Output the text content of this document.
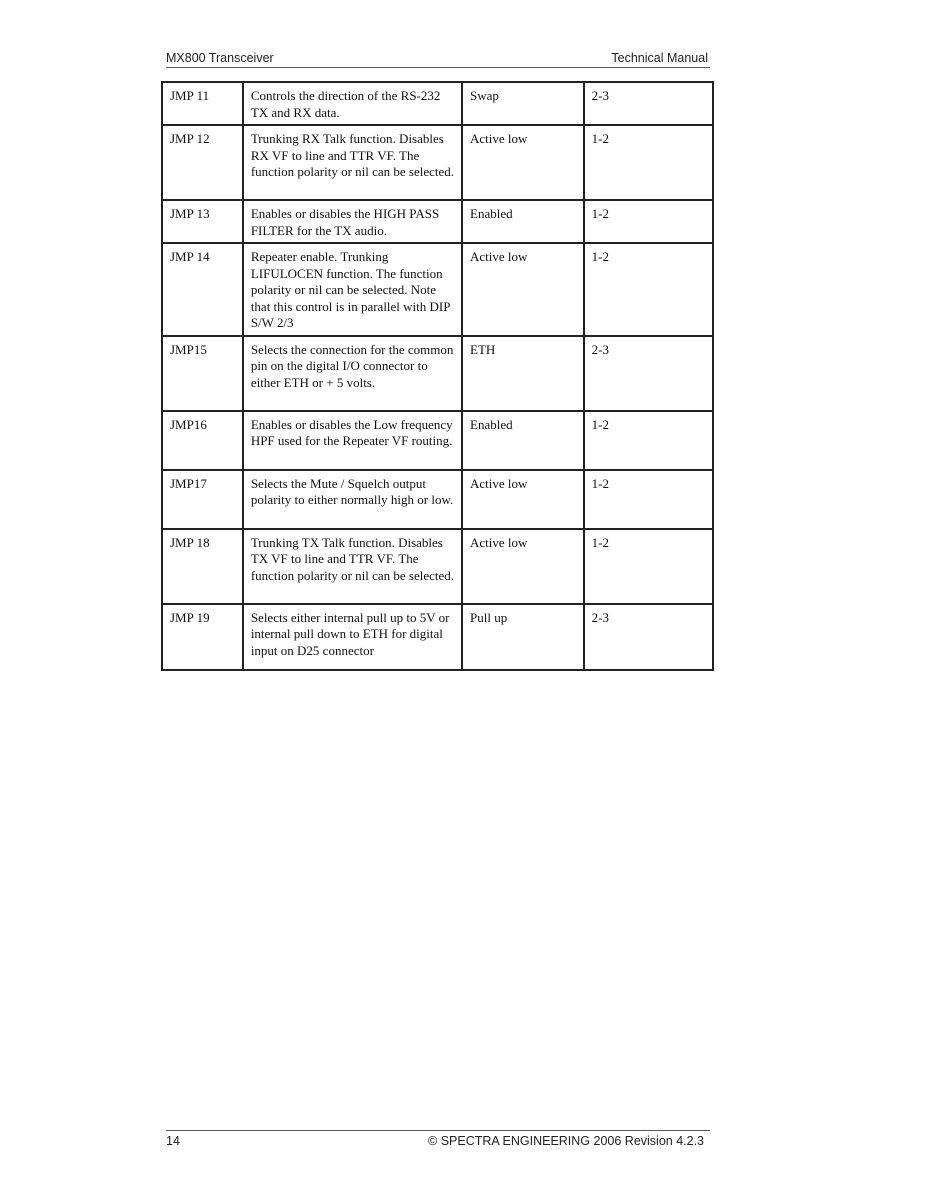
MX800 Transceiver	Technical Manual
JMP 11	Controls the direction of the RS-232 TX and RX data.	Swap	2-3
JMP 12	Trunking RX Talk function. Disables RX VF to line and TTR VF. The function polarity or nil can be selected.	Active low	1-2
JMP 13	Enables or disables the HIGH PASS FILTER for the TX audio.	Enabled	1-2
JMP 14	Repeater enable. Trunking LIFULOCEN function. The function polarity or nil can be selected. Note that this control is in parallel with DIP S/W 2/3	Active low	1-2
JMP15	Selects the connection for the common pin on the digital I/O connector to either ETH or + 5 volts.	ETH	2-3
JMP16	Enables or disables the Low frequency HPF used for the Repeater VF routing.	Enabled	1-2
JMP17	Selects the Mute / Squelch output polarity to either normally high or low.	Active low	1-2
JMP 18	Trunking TX Talk function. Disables TX VF to line and TTR VF. The function polarity or nil can be selected.	Active low	1-2
JMP 19	Selects either internal pull up to 5V or internal pull down to ETH for digital input on D25 connector	Pull up	2-3
14	© SPECTRA ENGINEERING 2006 Revision 4.2.3
